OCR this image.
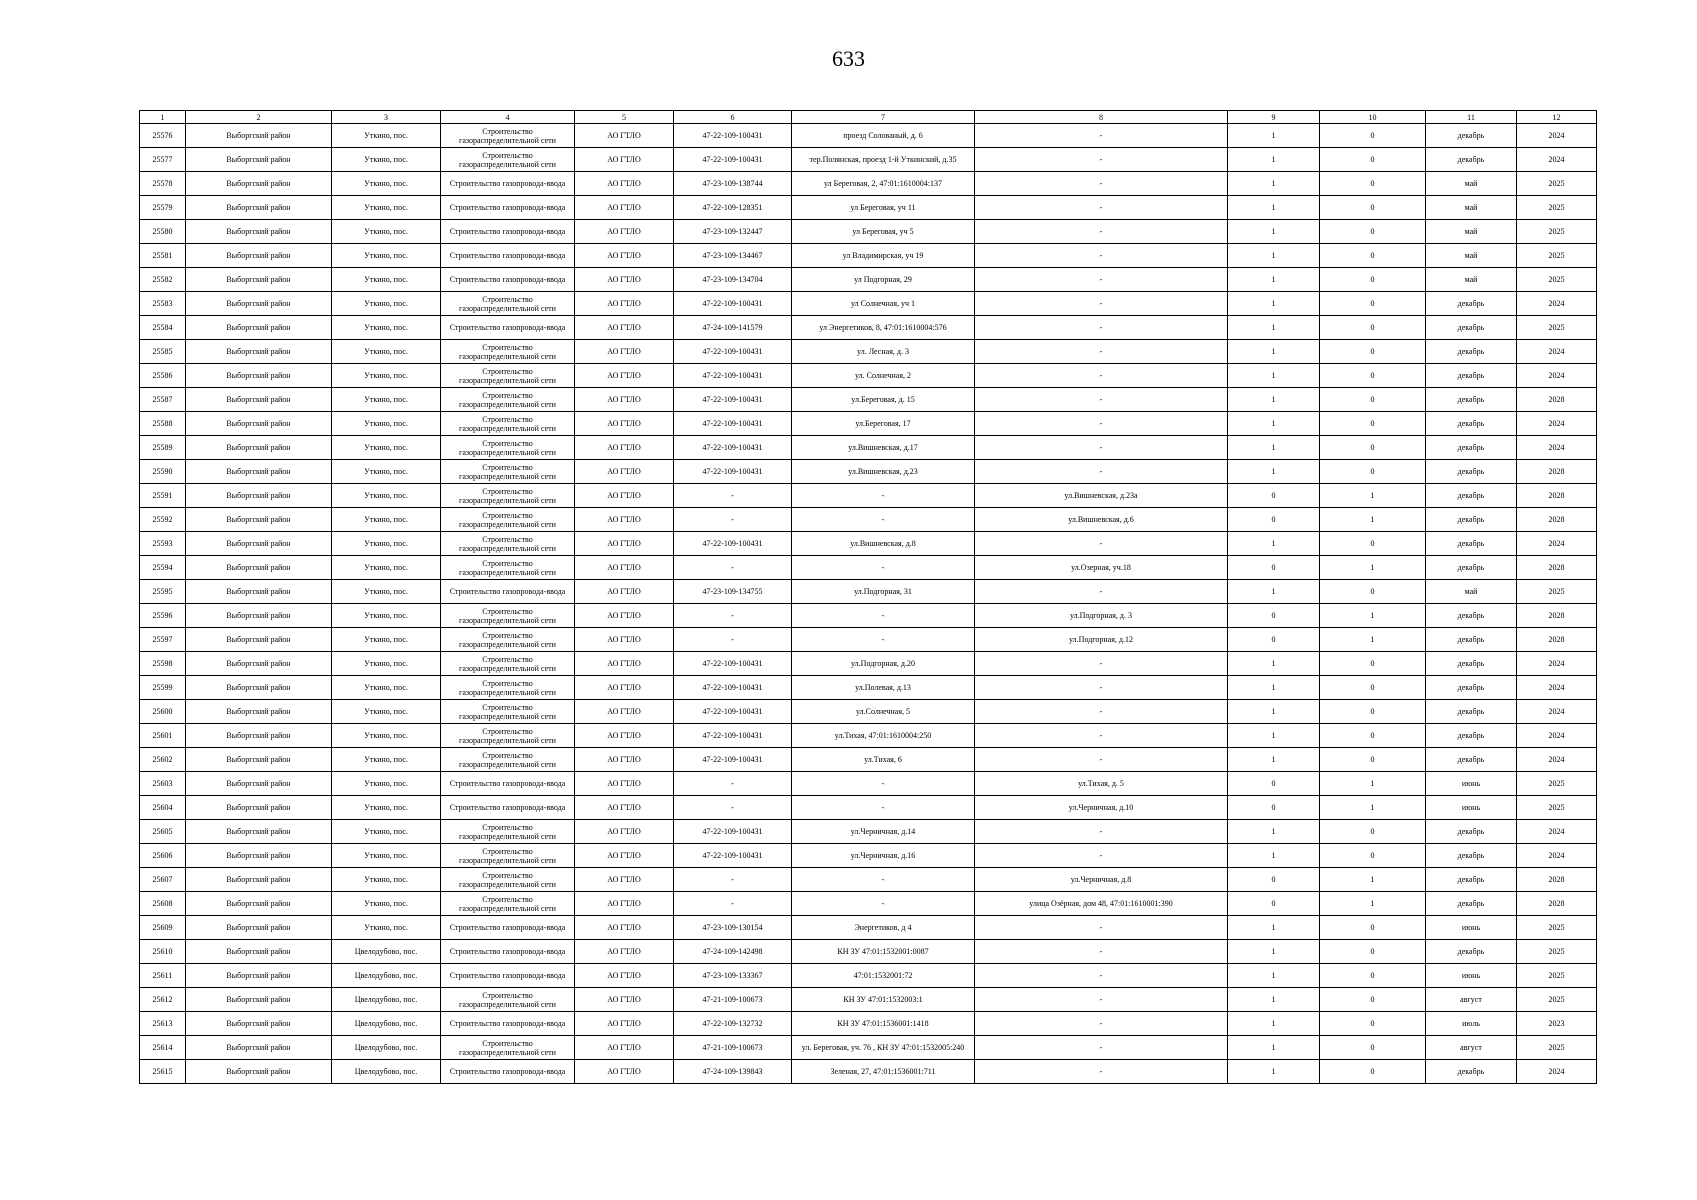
633
1	2	3	4	5	6	7	8	9	10	11	12
25576	Выборгский район	Уткино, пос.	Строительство газораспределительной сети	АО ГТЛО	47-22-109-100431	проезд Солованый, д. 6	-	1	0	декабрь	2024
25577	Выборгский район	Уткино, пос.	Строительство газораспределительной сети	АО ГТЛО	47-22-109-100431	тер.Полянская, проезд 1-й Уткинский, д.35	-	1	0	декабрь	2024
25578	Выборгский район	Уткино, пос.	Строительство газопровода-ввода	АО ГТЛО	47-23-109-138744	ул Береговая, 2, 47:01:1610004:137	-	1	0	май	2025
25579	Выборгский район	Уткино, пос.	Строительство газопровода-ввода	АО ГТЛО	47-22-109-128351	ул Береговая, уч 11	-	1	0	май	2025
25580	Выборгский район	Уткино, пос.	Строительство газопровода-ввода	АО ГТЛО	47-23-109-132447	ул Береговая, уч 5	-	1	0	май	2025
25581	Выборгский район	Уткино, пос.	Строительство газопровода-ввода	АО ГТЛО	47-23-109-134467	ул Владимирская, уч 19	-	1	0	май	2025
25582	Выборгский район	Уткино, пос.	Строительство газопровода-ввода	АО ГТЛО	47-23-109-134704	ул Подгорная, 29	-	1	0	май	2025
25583	Выборгский район	Уткино, пос.	Строительство газораспределительной сети	АО ГТЛО	47-22-109-100431	ул Солнечная, уч 1	-	1	0	декабрь	2024
25584	Выборгский район	Уткино, пос.	Строительство газопровода-ввода	АО ГТЛО	47-24-109-141579	ул Энергетиков, 8, 47:01:1610004:576	-	1	0	декабрь	2025
25585	Выборгский район	Уткино, пос.	Строительство газораспределительной сети	АО ГТЛО	47-22-109-100431	ул. Лесная, д. 3	-	1	0	декабрь	2024
25586	Выборгский район	Уткино, пос.	Строительство газораспределительной сети	АО ГТЛО	47-22-109-100431	ул. Солнечная, 2	-	1	0	декабрь	2024
25587	Выборгский район	Уткино, пос.	Строительство газораспределительной сети	АО ГТЛО	47-22-109-100431	ул.Береговая, д. 15	-	1	0	декабрь	2028
25588	Выборгский район	Уткино, пос.	Строительство газораспределительной сети	АО ГТЛО	47-22-109-100431	ул.Береговая, 17	-	1	0	декабрь	2024
25589	Выборгский район	Уткино, пос.	Строительство газораспределительной сети	АО ГТЛО	47-22-109-100431	ул.Вишневская, д.17	-	1	0	декабрь	2024
25590	Выборгский район	Уткино, пос.	Строительство газораспределительной сети	АО ГТЛО	47-22-109-100431	ул.Вишневская, д.23	-	1	0	декабрь	2028
25591	Выборгский район	Уткино, пос.	Строительство газораспределительной сети	АО ГТЛО	-	-	ул.Вишневская, д.23а	0	1	декабрь	2028
25592	Выборгский район	Уткино, пос.	Строительство газораспределительной сети	АО ГТЛО	-	-	ул.Вишневская, д.6	0	1	декабрь	2028
25593	Выборгский район	Уткино, пос.	Строительство газораспределительной сети	АО ГТЛО	47-22-109-100431	ул.Вишневская, д.8	-	1	0	декабрь	2024
25594	Выборгский район	Уткино, пос.	Строительство газораспределительной сети	АО ГТЛО	-	-	ул.Озерная, уч.18	0	1	декабрь	2028
25595	Выборгский район	Уткино, пос.	Строительство газопровода-ввода	АО ГТЛО	47-23-109-134755	ул.Подгорная, 31	-	1	0	май	2025
25596	Выборгский район	Уткино, пос.	Строительство газораспределительной сети	АО ГТЛО	-	-	ул.Подгорная, д. 3	0	1	декабрь	2028
25597	Выборгский район	Уткино, пос.	Строительство газораспределительной сети	АО ГТЛО	-	-	ул.Подгорная, д.12	0	1	декабрь	2028
25598	Выборгский район	Уткино, пос.	Строительство газораспределительной сети	АО ГТЛО	47-22-109-100431	ул.Подгорная, д.20	-	1	0	декабрь	2024
25599	Выборгский район	Уткино, пос.	Строительство газораспределительной сети	АО ГТЛО	47-22-109-100431	ул.Полевая, д.13	-	1	0	декабрь	2024
25600	Выборгский район	Уткино, пос.	Строительство газораспределительной сети	АО ГТЛО	47-22-109-100431	ул.Солнечная, 5	-	1	0	декабрь	2024
25601	Выборгский район	Уткино, пос.	Строительство газораспределительной сети	АО ГТЛО	47-22-109-100431	ул.Тихая, 47:01:1610004:250	-	1	0	декабрь	2024
25602	Выборгский район	Уткино, пос.	Строительство газораспределительной сети	АО ГТЛО	47-22-109-100431	ул.Тихая, 6	-	1	0	декабрь	2024
25603	Выборгский район	Уткино, пос.	Строительство газопровода-ввода	АО ГТЛО	-	-	ул.Тихая, д. 5	0	1	июнь	2025
25604	Выборгский район	Уткино, пос.	Строительство газопровода-ввода	АО ГТЛО	-	-	ул.Черничная, д.10	0	1	июнь	2025
25605	Выборгский район	Уткино, пос.	Строительство газораспределительной сети	АО ГТЛО	47-22-109-100431	ул.Черничная, д.14	-	1	0	декабрь	2024
25606	Выборгский район	Уткино, пос.	Строительство газораспределительной сети	АО ГТЛО	47-22-109-100431	ул.Черничная, д.16	-	1	0	декабрь	2024
25607	Выборгский район	Уткино, пос.	Строительство газораспределительной сети	АО ГТЛО	-	-	ул.Черничная, д.8	0	1	декабрь	2028
25608	Выборгский район	Уткино, пос.	Строительство газораспределительной сети	АО ГТЛО	-	-	улица Озёрная, дом 48, 47:01:1610001:390	0	1	декабрь	2028
25609	Выборгский район	Уткино, пос.	Строительство газопровода-ввода	АО ГТЛО	47-23-109-130154	Энергетиков, д 4	-	1	0	июнь	2025
25610	Выборгский район	Цвелодубово, пос.	Строительство газопровода-ввода	АО ГТЛО	47-24-109-142498	КН ЗУ 47:01:1532001:0087	-	1	0	декабрь	2025
25611	Выборгский район	Цвелодубово, пос.	Строительство газопровода-ввода	АО ГТЛО	47-23-109-133367	47:01:1532001:72	-	1	0	июнь	2025
25612	Выборгский район	Цвелодубово, пос.	Строительство газораспределительной сети	АО ГТЛО	47-21-109-100673	КН ЗУ 47:01:1532003:1	-	1	0	август	2025
25613	Выборгский район	Цвелодубово, пос.	Строительство газопровода-ввода	АО ГТЛО	47-22-109-132732	КН ЗУ 47:01:1536001:1418	-	1	0	июль	2023
25614	Выборгский район	Цвелодубово, пос.	Строительство газораспределительной сети	АО ГТЛО	47-21-109-100673	ул. Береговая, уч. 76 , КН ЗУ 47:01:1532005:240	-	1	0	август	2025
25615	Выборгский район	Цвелодубово, пос.	Строительство газопровода-ввода	АО ГТЛО	47-24-109-139843	Зеленая, 27, 47:01:1536001:711	-	1	0	декабрь	2024
